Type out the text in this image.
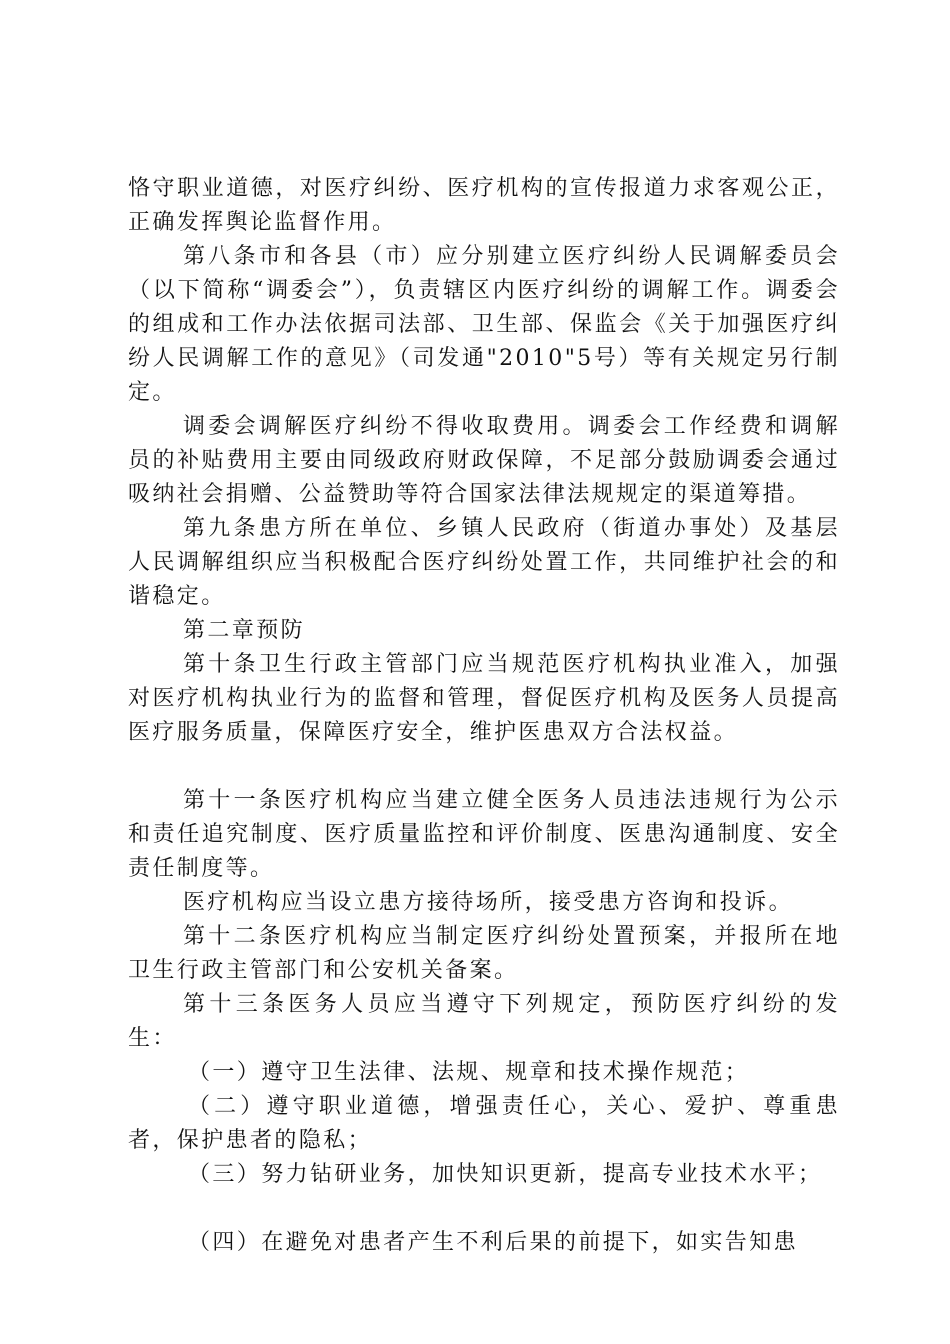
恪守职业道德，对医疗纠纷、医疗机构的宣传报道力求客观公正，正确发挥舆论监督作用。

第八条市和各县（市）应分别建立医疗纠纷人民调解委员会（以下简称“调委会”），负责辖区内医疗纠纷的调解工作。调委会的组成和工作办法依据司法部、卫生部、保监会《关于加强医疗纠纷人民调解工作的意见》（司发通"2010"5号）等有关规定另行制定。

调委会调解医疗纠纷不得收取费用。调委会工作经费和调解员的补贴费用主要由同级政府财政保障，不足部分鼓励调委会通过吸纳社会捐赠、公益赞助等符合国家法律法规规定的渠道筹措。

第九条患方所在单位、乡镇人民政府（街道办事处）及基层人民调解组织应当积极配合医疗纠纷处置工作，共同维护社会的和谐稳定。

第二章预防

第十条卫生行政主管部门应当规范医疗机构执业准入，加强对医疗机构执业行为的监督和管理，督促医疗机构及医务人员提高医疗服务质量，保障医疗安全，维护医患双方合法权益。

第十一条医疗机构应当建立健全医务人员违法违规行为公示和责任追究制度、医疗质量监控和评价制度、医患沟通制度、安全责任制度等。

医疗机构应当设立患方接待场所，接受患方咨询和投诉。

第十二条医疗机构应当制定医疗纠纷处置预案，并报所在地卫生行政主管部门和公安机关备案。

第十三条医务人员应当遵守下列规定，预防医疗纠纷的发生：

（一）遵守卫生法律、法规、规章和技术操作规范；

（二）遵守职业道德，增强责任心，关心、爱护、尊重患者，保护患者的隐私；

（三）努力钻研业务，加快知识更新，提高专业技术水平；

（四）在避免对患者产生不利后果的前提下，如实告知患
